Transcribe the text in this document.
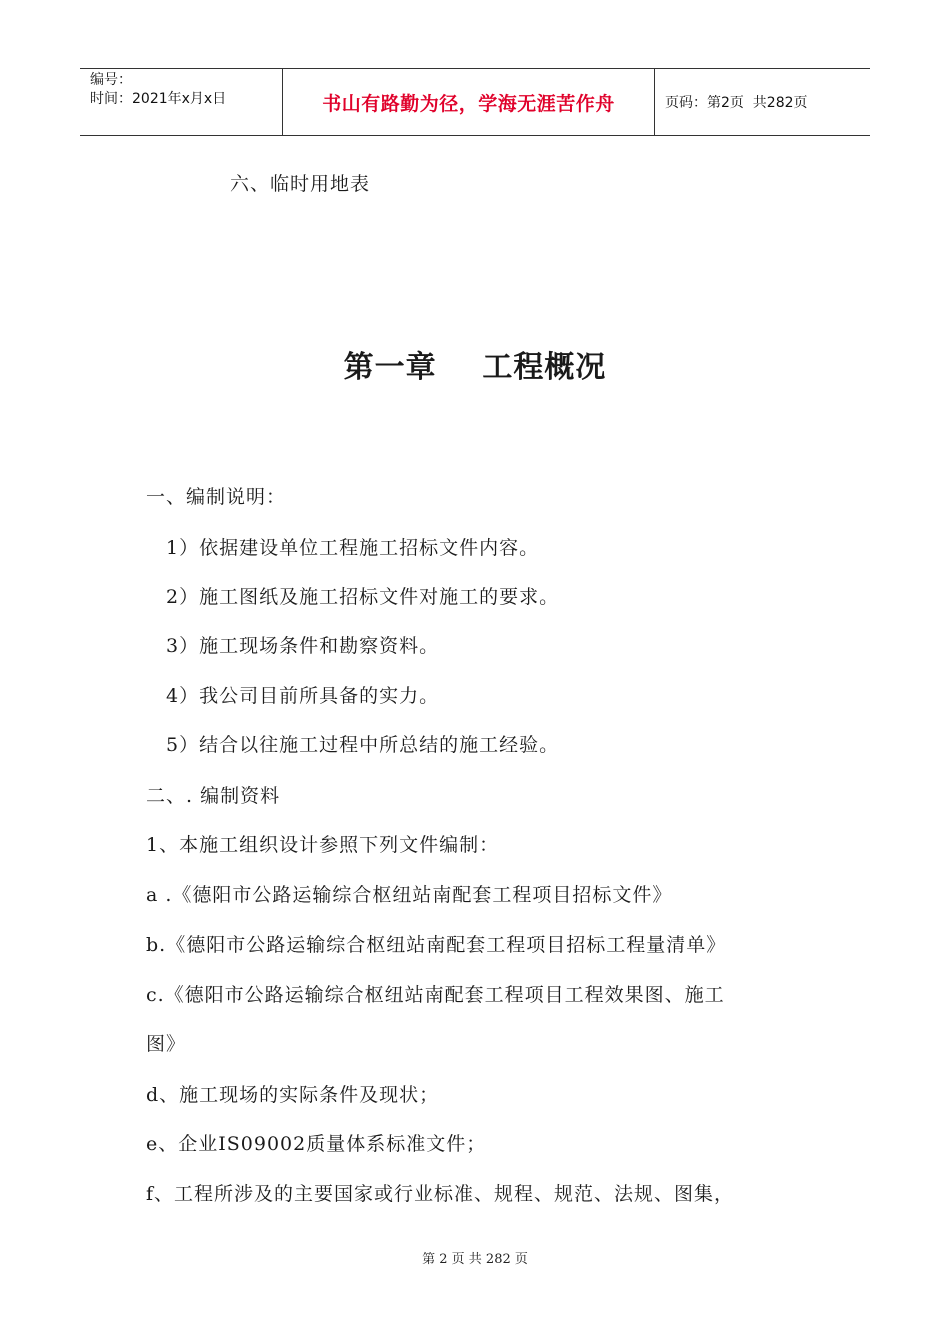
编号：
时间：2021年x月x日	书山有路勤为径，学海无涯苦作舟	页码：第2页  共282页
六、临时用地表
第一章    工程概况
一、编制说明：
1）依据建设单位工程施工招标文件内容。
2）施工图纸及施工招标文件对施工的要求。
3）施工现场条件和勘察资料。
4）我公司目前所具备的实力。
5）结合以往施工过程中所总结的施工经验。
二、. 编制资料
1、本施工组织设计参照下列文件编制：
a .《德阳市公路运输综合枢纽站南配套工程项目招标文件》
b.《德阳市公路运输综合枢纽站南配套工程项目招标工程量清单》
c.《德阳市公路运输综合枢纽站南配套工程项目工程效果图、施工
图》
d、施工现场的实际条件及现状；
e、企业IS09002质量体系标准文件；
f、工程所涉及的主要国家或行业标准、规程、规范、法规、图集，
第 2 页 共 282 页
